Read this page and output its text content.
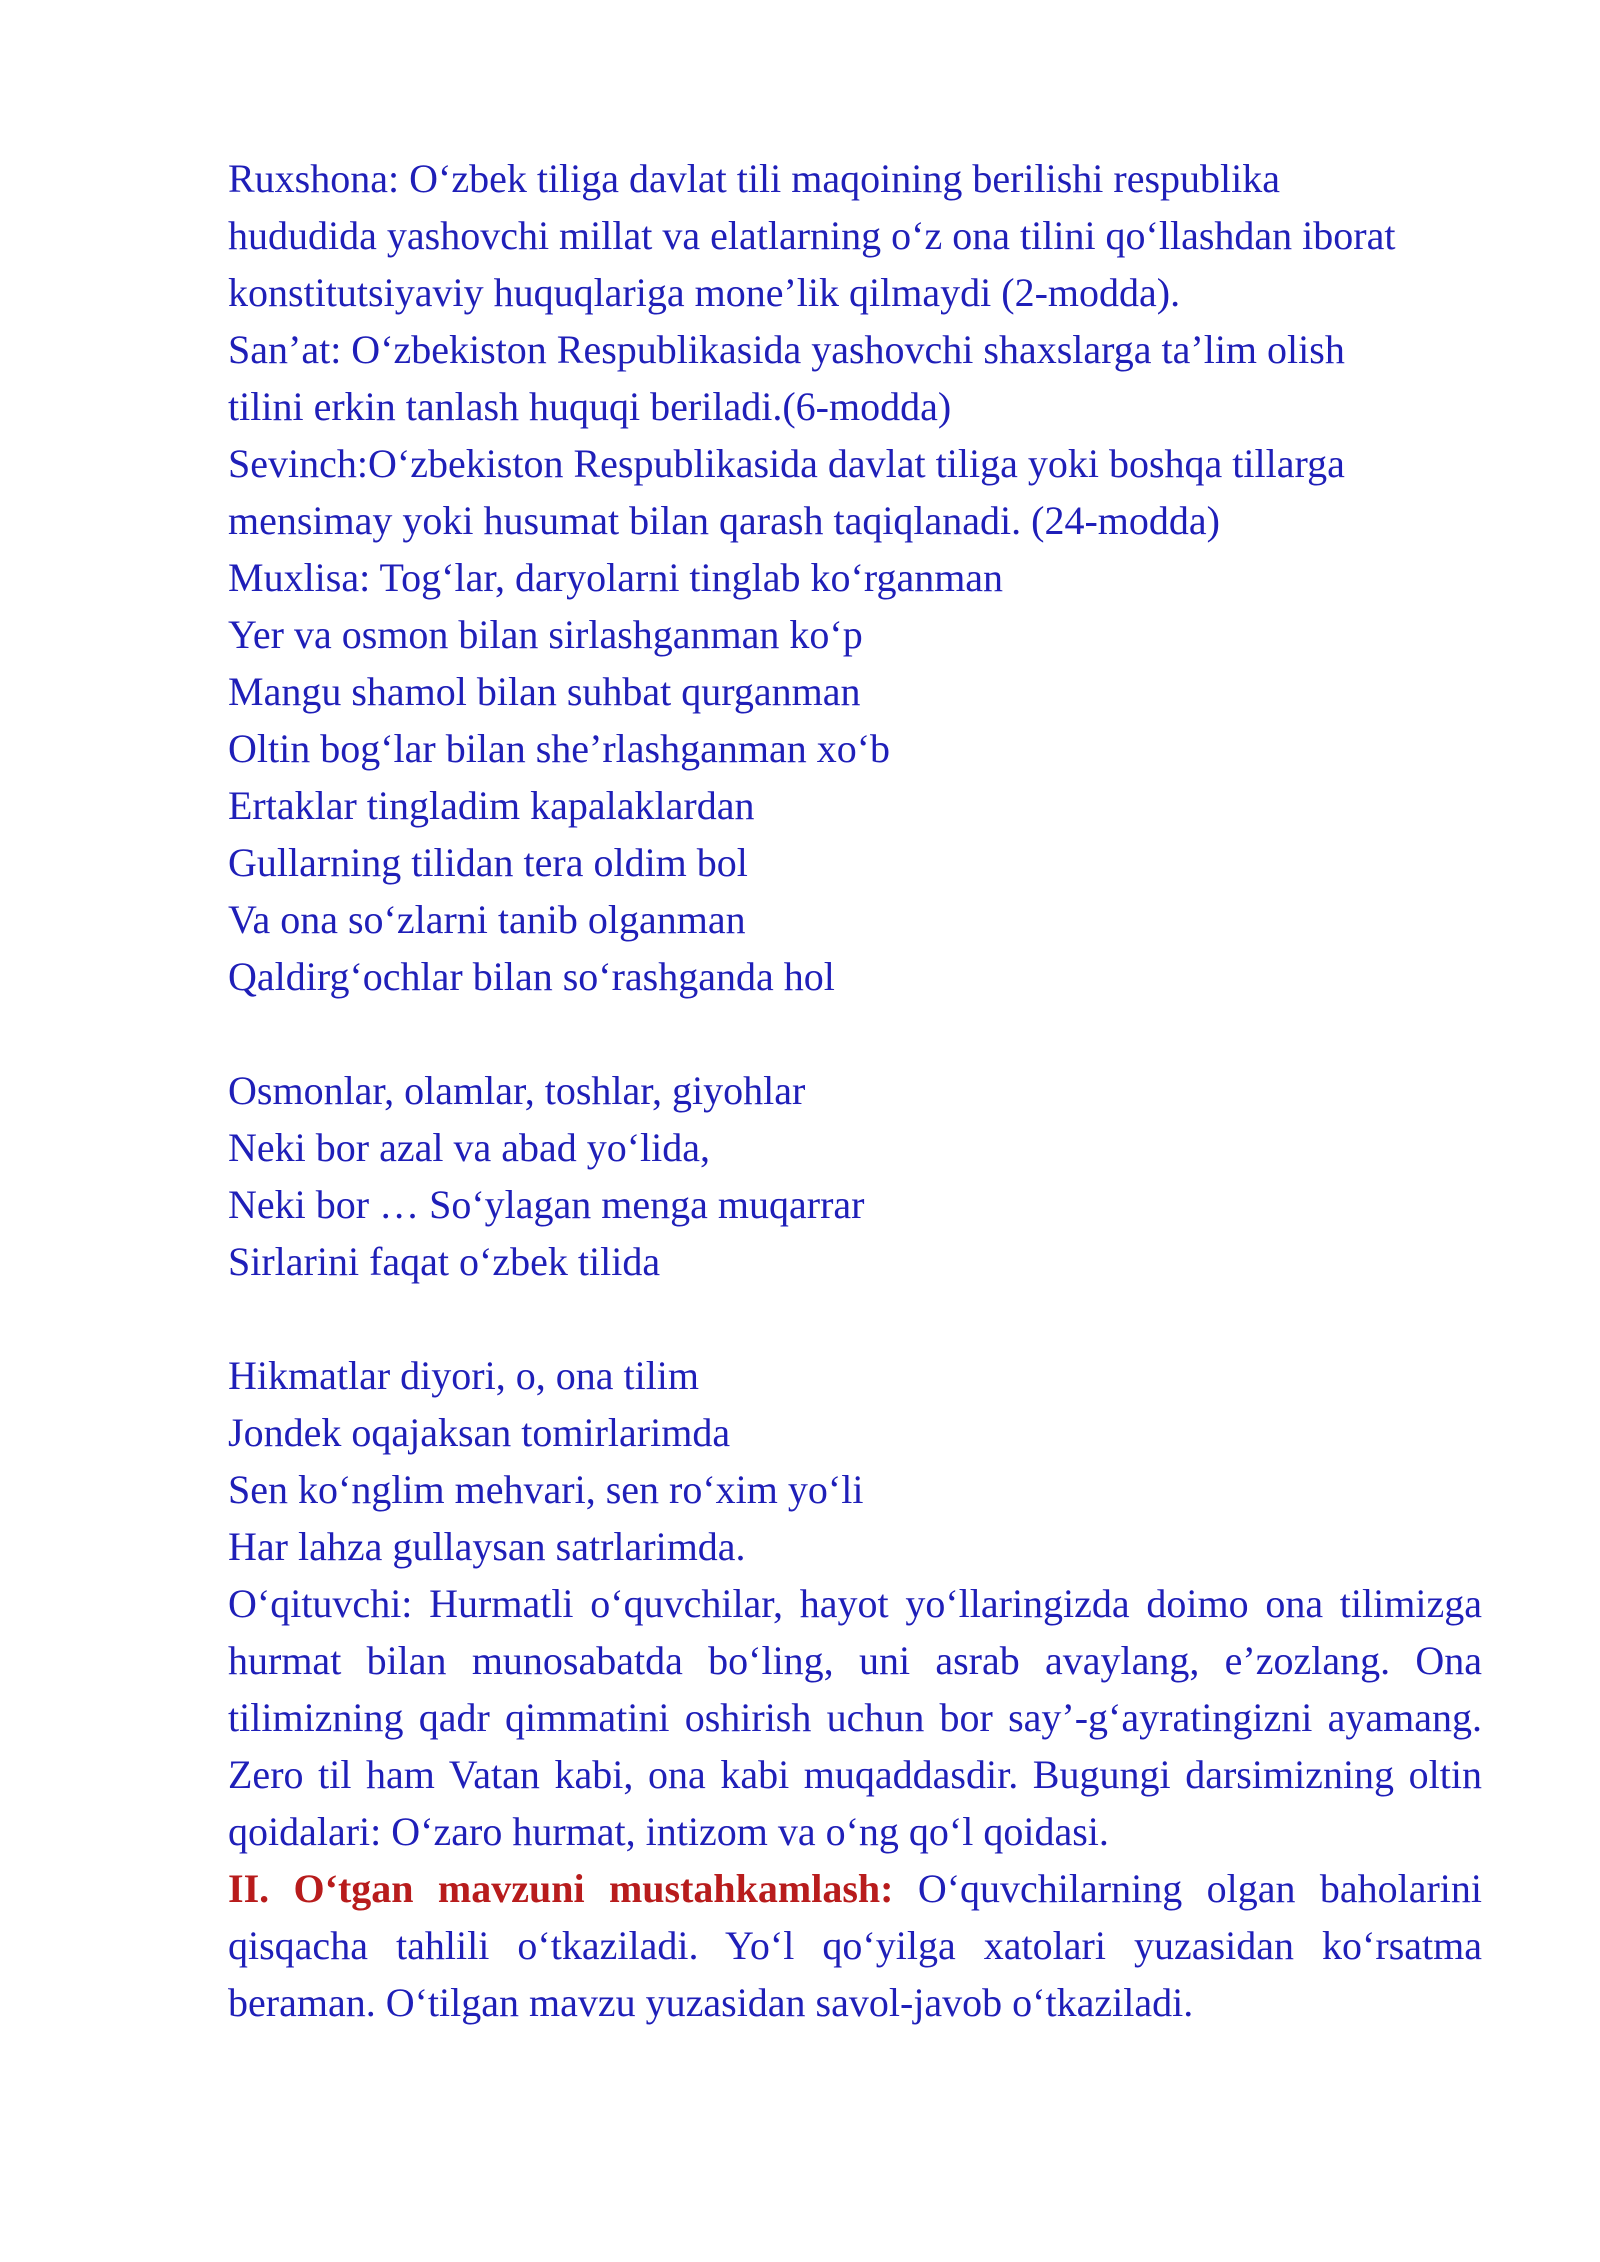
Ruxshona: O‘zbek tiliga davlat tili maqoining berilishi respublika
hududida yashovchi millat va elatlarning o‘z ona tilini qo‘llashdan iborat
konstitutsiyaviy huquqlariga mone’lik qilmaydi (2-modda).
San’at: O‘zbekiston Respublikasida yashovchi shaxslarga ta’lim olish
tilini erkin tanlash huquqi beriladi.(6-modda)
Sevinch:O‘zbekiston Respublikasida davlat tiliga yoki boshqa tillarga
mensimay yoki husumat bilan qarash taqiqlanadi. (24-modda)
Muxlisa: Tog‘lar, daryolarni tinglab ko‘rganman
Yer va osmon bilan sirlashganman ko‘p
Mangu shamol bilan suhbat qurganman
Oltin bog‘lar bilan she’rlashganman xo‘b
Ertaklar tingladim kapalaklardan
Gullarning tilidan tera oldim bol
Va ona so‘zlarni tanib olganman
Qaldirg‘ochlar bilan so‘rashganda hol
Osmonlar, olamlar, toshlar, giyohlar
Neki bor azal va abad yo‘lida,
Neki bor … So‘ylagan menga muqarrar
Sirlarini faqat o‘zbek tilida
Hikmatlar diyori, o, ona tilim
Jondek oqajaksan tomirlarimda
Sen ko‘nglim mehvari, sen ro‘xim yo‘li
Har lahza gullaysan satrlarimda.
O‘qituvchi: Hurmatli o‘quvchilar, hayot yo‘llaringizda doimo ona tilimizga hurmat bilan munosabatda bo‘ling, uni asrab avaylang, e’zozlang. Ona tilimizning qadr qimmatini oshirish uchun bor say’-g‘ayratingizni ayamang. Zero til ham Vatan kabi, ona kabi muqaddasdir. Bugungi darsimizning oltin qoidalari: O‘zaro hurmat, intizom va o‘ng qo‘l qoidasi.
II. O‘tgan mavzuni mustahkamlash: O‘quvchilarning olgan baholarini qisqacha tahlili o‘tkaziladi. Yo‘l qo‘yilga xatolari yuzasidan ko‘rsatma beraman. O‘tilgan mavzu yuzasidan savol-javob o‘tkaziladi.
